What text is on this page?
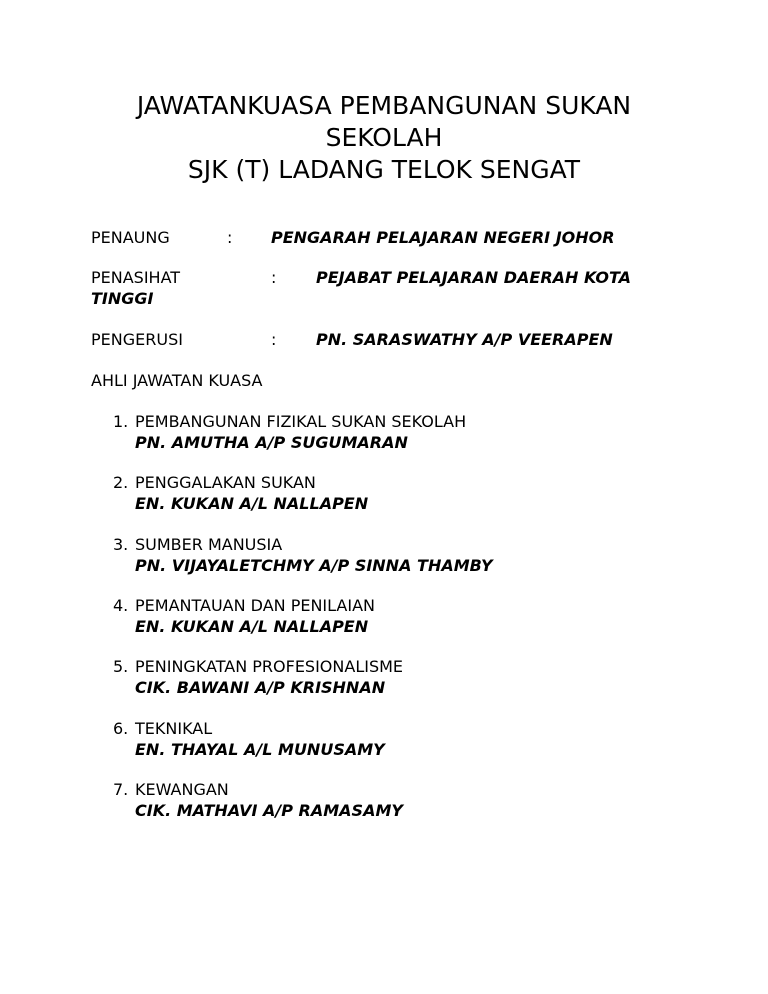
JAWATANKUASA PEMBANGUNAN SUKAN
SEKOLAH
SJK (T) LADANG TELOK SENGAT
PENAUNG	: PENGARAH PELAJARAN NEGERI JOHOR
PENASIHAT	: PEJABAT PELAJARAN DAERAH KOTA
TINGGI
PENGERUSI	: PN. SARASWATHY A/P VEERAPEN
AHLI JAWATAN KUASA
1. PEMBANGUNAN FIZIKAL SUKAN SEKOLAH
PN. AMUTHA A/P SUGUMARAN
2. PENGGALAKAN SUKAN
EN. KUKAN A/L NALLAPEN
3. SUMBER MANUSIA
PN. VIJAYALETCHMY A/P SINNA THAMBY
4. PEMANTAUAN DAN PENILAIAN
EN. KUKAN A/L NALLAPEN
5. PENINGKATAN PROFESIONALISME
CIK. BAWANI A/P KRISHNAN
6. TEKNIKAL
EN. THAYAL A/L MUNUSAMY
7. KEWANGAN
CIK. MATHAVI A/P RAMASAMY
